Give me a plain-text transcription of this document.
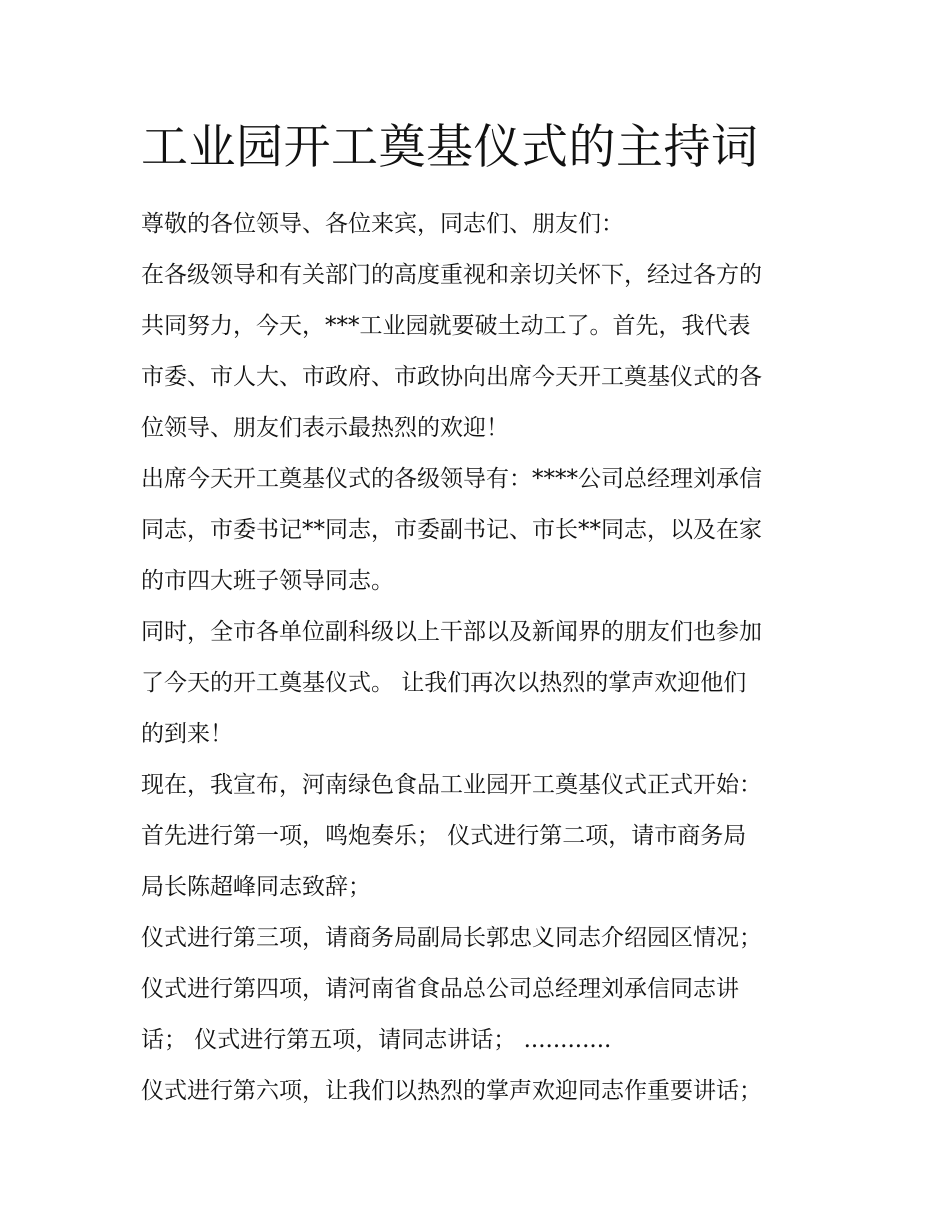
工业园开工奠基仪式的主持词
尊敬的各位领导、各位来宾，同志们、朋友们：
在各级领导和有关部门的高度重视和亲切关怀下，经过各方的
共同努力，今天，***工业园就要破土动工了。首先，我代表
市委、市人大、市政府、市政协向出席今天开工奠基仪式的各
位领导、朋友们表示最热烈的欢迎！
出席今天开工奠基仪式的各级领导有：****公司总经理刘承信
同志，市委书记**同志，市委副书记、市长**同志，以及在家
的市四大班子领导同志。
同时，全市各单位副科级以上干部以及新闻界的朋友们也参加
了今天的开工奠基仪式。 让我们再次以热烈的掌声欢迎他们
的到来！
现在，我宣布，河南绿色食品工业园开工奠基仪式正式开始：
首先进行第一项，鸣炮奏乐； 仪式进行第二项，请市商务局
局长陈超峰同志致辞；
仪式进行第三项，请商务局副局长郭忠义同志介绍园区情况；
仪式进行第四项，请河南省食品总公司总经理刘承信同志讲
话； 仪式进行第五项，请同志讲话； ............
仪式进行第六项，让我们以热烈的掌声欢迎同志作重要讲话；
